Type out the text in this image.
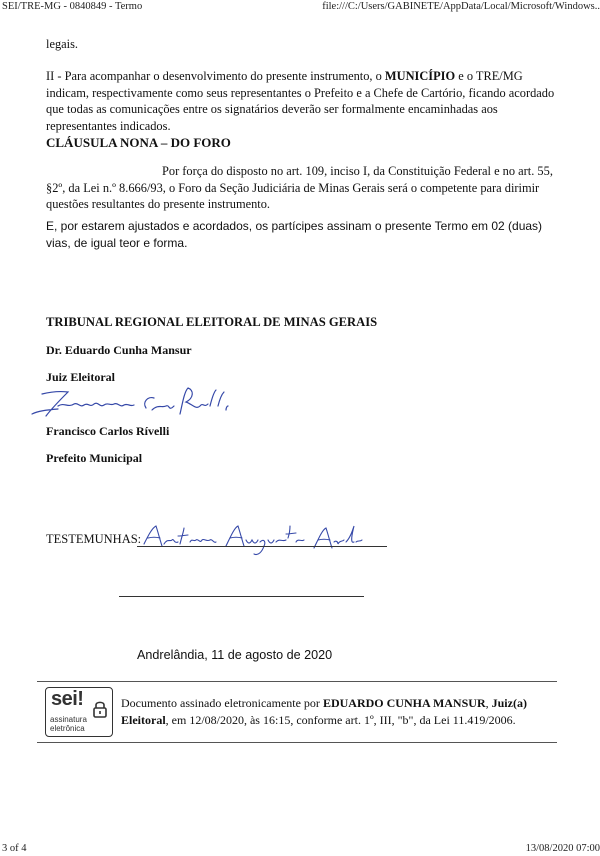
SEI/TRE-MG - 0840849 - Termo	file:///C:/Users/GABINETE/AppData/Local/Microsoft/Windows..
legais.
II - Para acompanhar o desenvolvimento do presente instrumento, o MUNICÍPIO e o TRE/MG indicam, respectivamente como seus representantes o Prefeito e a Chefe de Cartório, ficando acordado que todas as comunicações entre os signatários deverão ser formalmente encaminhadas aos representantes indicados.
CLÁUSULA NONA – DO FORO
Por força do disposto no art. 109, inciso I, da Constituição Federal e no art. 55, §2º, da Lei n.º 8.666/93, o Foro da Seção Judiciária de Minas Gerais será o competente para dirimir questões resultantes do presente instrumento.
E, por estarem ajustados e acordados, os partícipes assinam o presente Termo em 02 (duas) vias, de igual teor e forma.
TRIBUNAL REGIONAL ELEITORAL DE MINAS GERAIS
Dr. Eduardo Cunha Mansur
Juiz Eleitoral
Francisco Carlos Rívelli
Prefeito Municipal
TESTEMUNHAS:
Andrelândia, 11 de agosto de 2020
sei!
assinatura
eletrônica
Documento assinado eletronicamente por EDUARDO CUNHA MANSUR, Juiz(a) Eleitoral, em 12/08/2020, às 16:15, conforme art. 1º, III, "b", da Lei 11.419/2006.
3 of 4	13/08/2020 07:00
